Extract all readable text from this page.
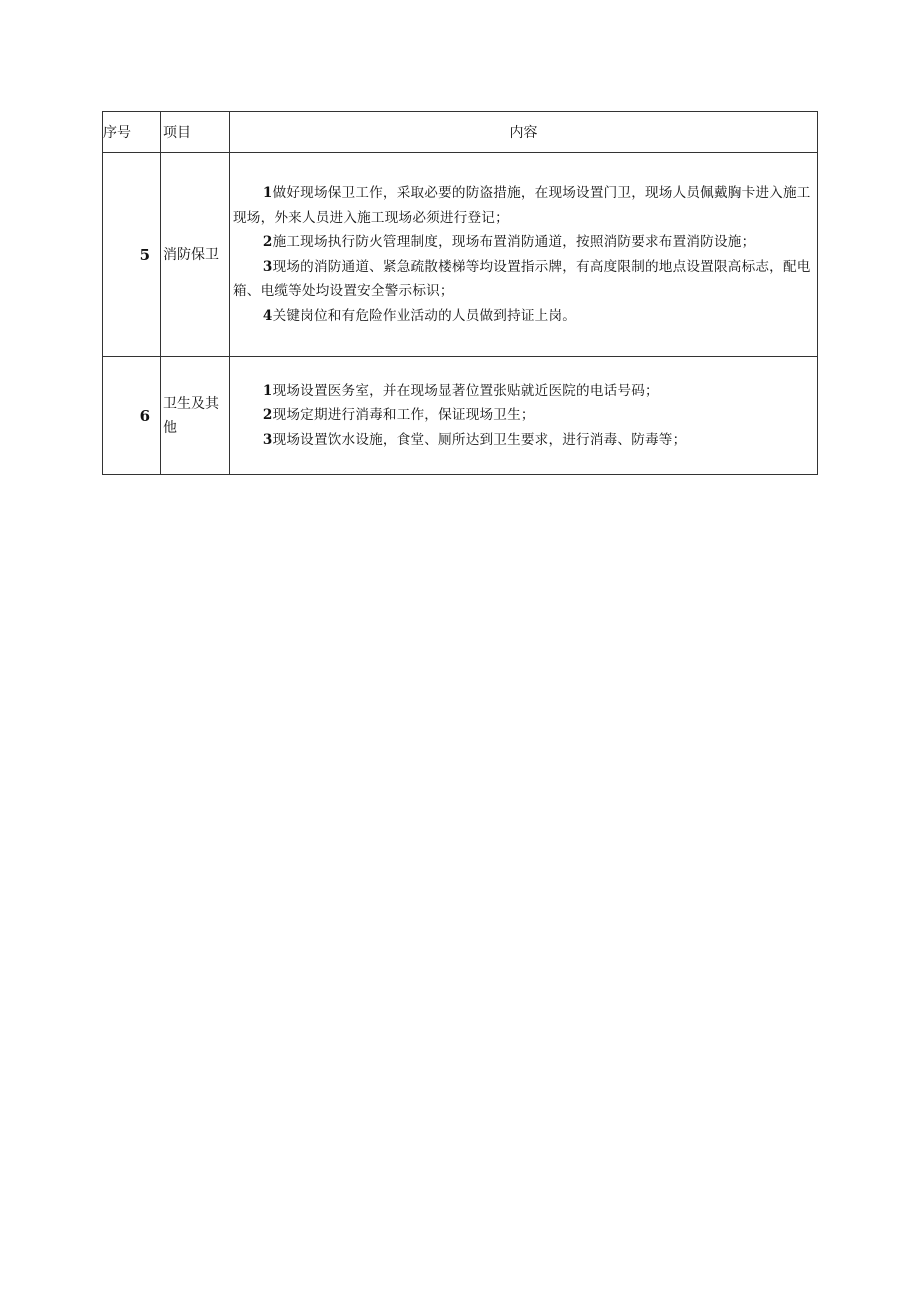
序号	项目	内容
5	消防保卫	1做好现场保卫工作，采取必要的防盗措施，在现场设置门卫，现场人员佩戴胸卡进入施工现场，外来人员进入施工现场必须进行登记；

2施工现场执行防火管理制度，现场布置消防通道，按照消防要求布置消防设施；

3现场的消防通道、紧急疏散楼梯等均设置指示牌，有高度限制的地点设置限高标志，配电箱、电缆等处均设置安全警示标识；

4关键岗位和有危险作业活动的人员做到持证上岗。

6	卫生及其他	1现场设置医务室，并在现场显著位置张贴就近医院的电话号码；

2现场定期进行消毒和工作，保证现场卫生；

3现场设置饮水设施，食堂、厕所达到卫生要求，进行消毒、防毒等；
